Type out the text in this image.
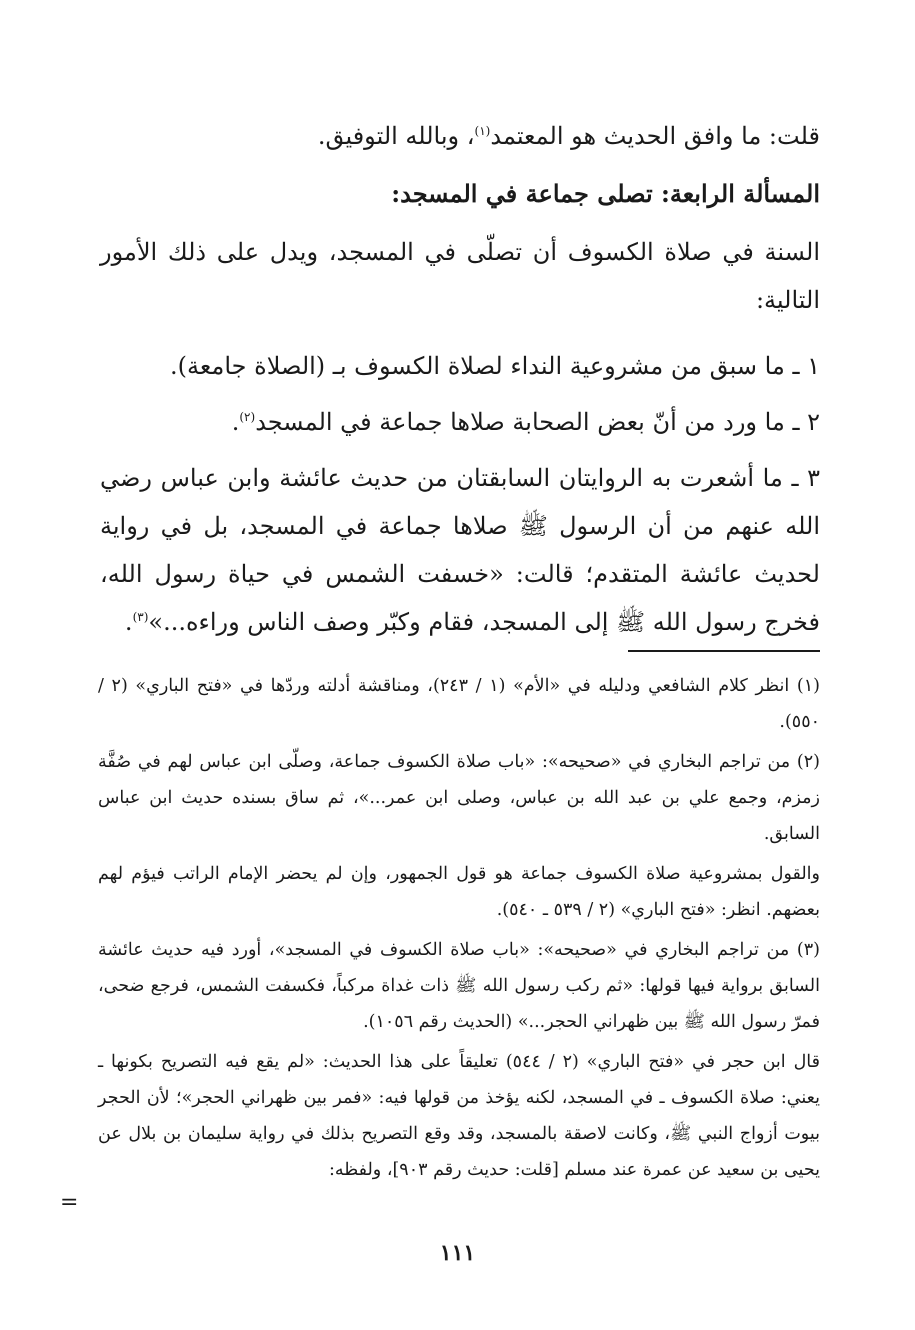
قلت: ما وافق الحديث هو المعتمد$^{(١)}$، وبالله التوفيق.

المسألة الرابعة: تصلى جماعة في المسجد:

السنة في صلاة الكسوف أن تصلّى في المسجد، ويدل على ذلك الأمور التالية:

١ ـ ما سبق من مشروعية النداء لصلاة الكسوف بـ (الصلاة جامعة).

٢ ـ ما ورد من أنّ بعض الصحابة صلاها جماعة في المسجد$^{(٢)}$.

٣ ـ ما أشعرت به الروايتان السابقتان من حديث عائشة وابن عباس رضي الله عنهم من أن الرسول ﷺ صلاها جماعة في المسجد، بل في رواية لحديث عائشة المتقدم؛ قالت: «خسفت الشمس في حياة رسول الله، فخرج رسول الله ﷺ إلى المسجد، فقام وكبّر وصف الناس وراءه...»$^{(٣)}$.

(١) انظر كلام الشافعي ودليله في «الأم» (١ / ٢٤٣)، ومناقشة أدلته وردّها في «فتح الباري» (٢ / ٥٥٠).

(٢) من تراجم البخاري في «صحيحه»: «باب صلاة الكسوف جماعة، وصلّى ابن عباس لهم في صُفَّة زمزم، وجمع علي بن عبد الله بن عباس، وصلى ابن عمر...»، ثم ساق بسنده حديث ابن عباس السابق.

والقول بمشروعية صلاة الكسوف جماعة هو قول الجمهور، وإن لم يحضر الإمام الراتب فيؤم لهم بعضهم. انظر: «فتح الباري» (٢ / ٥٣٩ ـ ٥٤٠).

(٣) من تراجم البخاري في «صحيحه»: «باب صلاة الكسوف في المسجد»، أورد فيه حديث عائشة السابق برواية فيها قولها: «ثم ركب رسول الله ﷺ ذات غداة مركباً، فكسفت الشمس، فرجع ضحى، فمرّ رسول الله ﷺ بين ظهراني الحجر...» (الحديث رقم ١٠٥٦).

قال ابن حجر في «فتح الباري» (٢ / ٥٤٤) تعليقاً على هذا الحديث: «لم يقع فيه التصريح بكونها ـ يعني: صلاة الكسوف ـ في المسجد، لكنه يؤخذ من قولها فيه: «فمر بين ظهراني الحجر»؛ لأن الحجر بيوت أزواج النبي ﷺ، وكانت لاصقة بالمسجد، وقد وقع التصريح بذلك في رواية سليمان بن بلال عن يحيى بن سعيد عن عمرة عند مسلم [قلت: حديث رقم ٩٠٣]، ولفظه:

=
١١١
